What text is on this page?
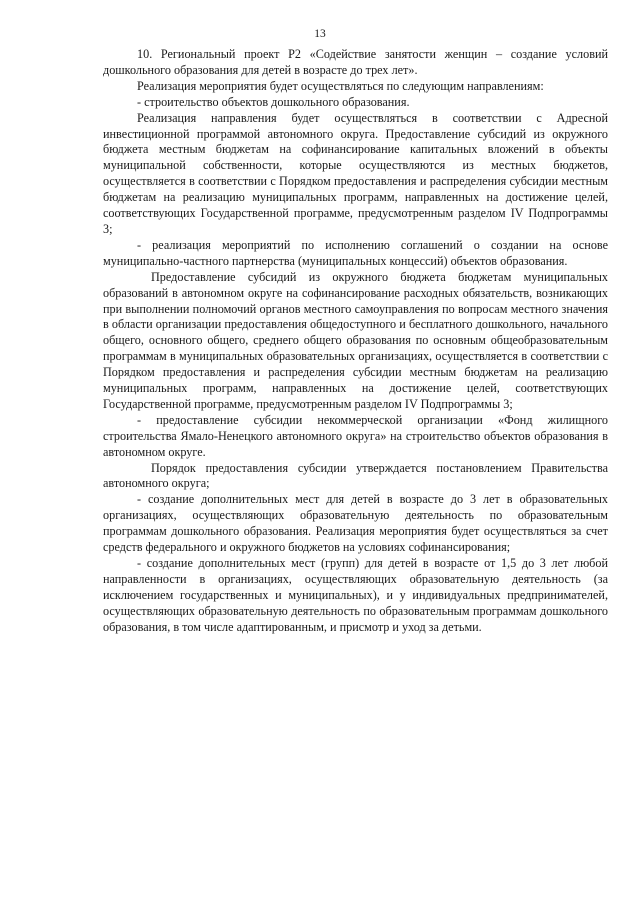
13

10. Региональный проект Р2 «Содействие занятости женщин – создание условий дошкольного образования для детей в возрасте до трех лет».

Реализация мероприятия будет осуществляться по следующим направлениям:

- строительство объектов дошкольного образования.

Реализация направления будет осуществляться в соответствии с Адресной инвестиционной программой автономного округа. Предоставление субсидий из окружного бюджета местным бюджетам на софинансирование капитальных вложений в объекты муниципальной собственности, которые осуществляются из местных бюджетов, осуществляется в соответствии с Порядком предоставления и распределения субсидии местным бюджетам на реализацию муниципальных программ, направленных на достижение целей, соответствующих Государственной программе, предусмотренным разделом IV Подпрограммы 3;

- реализация мероприятий по исполнению соглашений о создании на основе муниципально-частного партнерства (муниципальных концессий) объектов образования.

Предоставление субсидий из окружного бюджета бюджетам муниципальных образований в автономном округе на софинансирование расходных обязательств, возникающих при выполнении полномочий органов местного самоуправления по вопросам местного значения в области организации предоставления общедоступного и бесплатного дошкольного, начального общего, основного общего, среднего общего образования по основным общеобразовательным программам в муниципальных образовательных организациях, осуществляется в соответствии с Порядком предоставления и распределения субсидии местным бюджетам на реализацию муниципальных программ, направленных на достижение целей, соответствующих Государственной программе, предусмотренным разделом IV Подпрограммы 3;

- предоставление субсидии некоммерческой организации «Фонд жилищного строительства Ямало-Ненецкого автономного округа» на строительство объектов образования в автономном округе.

Порядок предоставления субсидии утверждается постановлением Правительства автономного округа;

- создание дополнительных мест для детей в возрасте до 3 лет в образовательных организациях, осуществляющих образовательную деятельность по образовательным программам дошкольного образования. Реализация мероприятия будет осуществляться за счет средств федерального и окружного бюджетов на условиях софинансирования;

- создание дополнительных мест (групп) для детей в возрасте от 1,5 до 3 лет любой направленности в организациях, осуществляющих образовательную деятельность (за исключением государственных и муниципальных), и у индивидуальных предпринимателей, осуществляющих образовательную деятельность по образовательным программам дошкольного образования, в том числе адаптированным, и присмотр и уход за детьми.
